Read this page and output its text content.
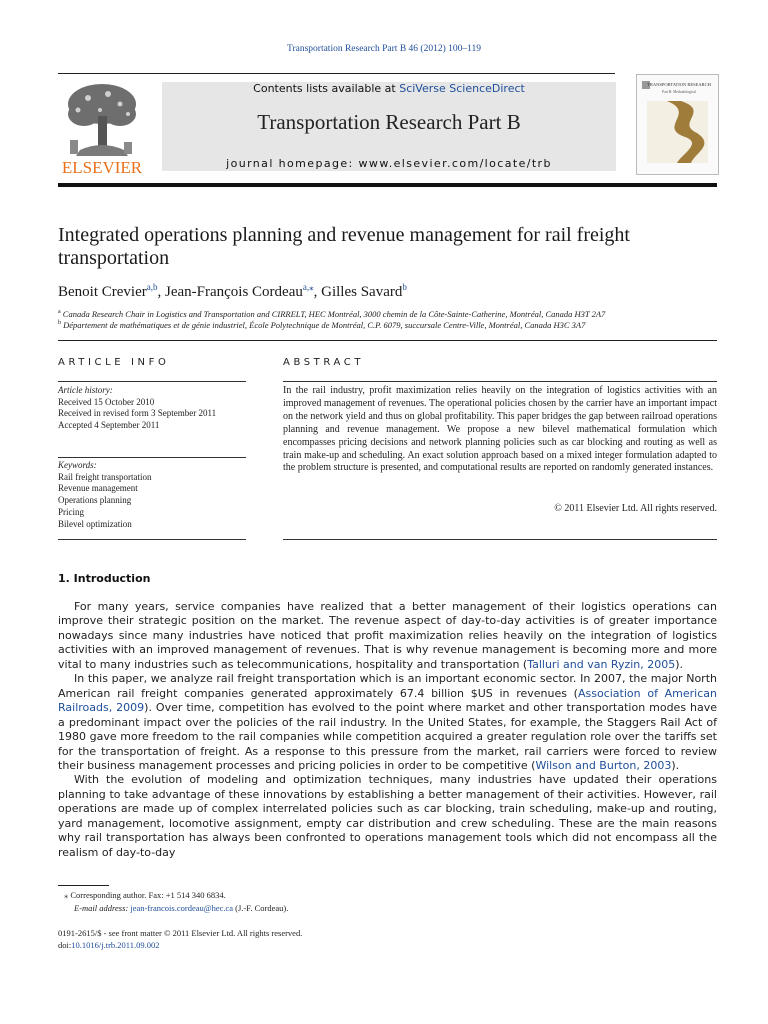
Transportation Research Part B 46 (2012) 100–119
ELSEVIER
Contents lists available at SciVerse ScienceDirect
Transportation Research Part B
journal homepage: www.elsevier.com/locate/trb
TRANSPORTATION RESEARCH
Part B: Methodological
Integrated operations planning and revenue management for rail freight transportation
Benoit Crevier$^{a,b}$, Jean-François Cordeau$^{a,⁎}$, Gilles Savard$^b$
$^a$ Canada Research Chair in Logistics and Transportation and CIRRELT, HEC Montréal, 3000 chemin de la Côte-Sainte-Catherine, Montréal, Canada H3T 2A7
$^b$ Département de mathématiques et de génie industriel, École Polytechnique de Montréal, C.P. 6079, succursale Centre-Ville, Montréal, Canada H3C 3A7
ARTICLE INFO	ABSTRACT
Article history:
Received 15 October 2010
Received in revised form 3 September 2011
Accepted 4 September 2011
Keywords:
Rail freight transportation
Revenue management
Operations planning
Pricing
Bilevel optimization
In the rail industry, profit maximization relies heavily on the integration of logistics activities with an improved management of revenues. The operational policies chosen by the carrier have an important impact on the network yield and thus on global profitability. This paper bridges the gap between railroad operations planning and revenue management. We propose a new bilevel mathematical formulation which encompasses pricing decisions and network planning policies such as car blocking and routing as well as train make-up and scheduling. An exact solution approach based on a mixed integer formulation adapted to the problem structure is presented, and computational results are reported on randomly generated instances.
© 2011 Elsevier Ltd. All rights reserved.
1. Introduction

For many years, service companies have realized that a better management of their logistics operations can improve their strategic position on the market. The revenue aspect of day-to-day activities is of greater importance nowadays since many industries have noticed that profit maximization relies heavily on the integration of logistics activities with an improved management of revenues. That is why revenue management is becoming more and more vital to many industries such as telecommunications, hospitality and transportation (Talluri and van Ryzin, 2005).

In this paper, we analyze rail freight transportation which is an important economic sector. In 2007, the major North American rail freight companies generated approximately 67.4 billion $US in revenues (Association of American Railroads, 2009). Over time, competition has evolved to the point where market and other transportation modes have a predominant impact over the policies of the rail industry. In the United States, for example, the Staggers Rail Act of 1980 gave more freedom to the rail companies while competition acquired a greater regulation role over the tariffs set for the transportation of freight. As a response to this pressure from the market, rail carriers were forced to review their business management processes and pricing policies in order to be competitive (Wilson and Burton, 2003).

With the evolution of modeling and optimization techniques, many industries have updated their operations planning to take advantage of these innovations by establishing a better management of their activities. However, rail operations are made up of complex interrelated policies such as car blocking, train scheduling, make-up and routing, yard management, locomotive assignment, empty car distribution and crew scheduling. These are the main reasons why rail transportation has always been confronted to operations management tools which did not encompass all the realism of day-to-day

⁎ Corresponding author. Fax: +1 514 340 6834.
E-mail address: jean-francois.cordeau@hec.ca (J.-F. Cordeau).
0191-2615/$ - see front matter © 2011 Elsevier Ltd. All rights reserved.
doi:10.1016/j.trb.2011.09.002
